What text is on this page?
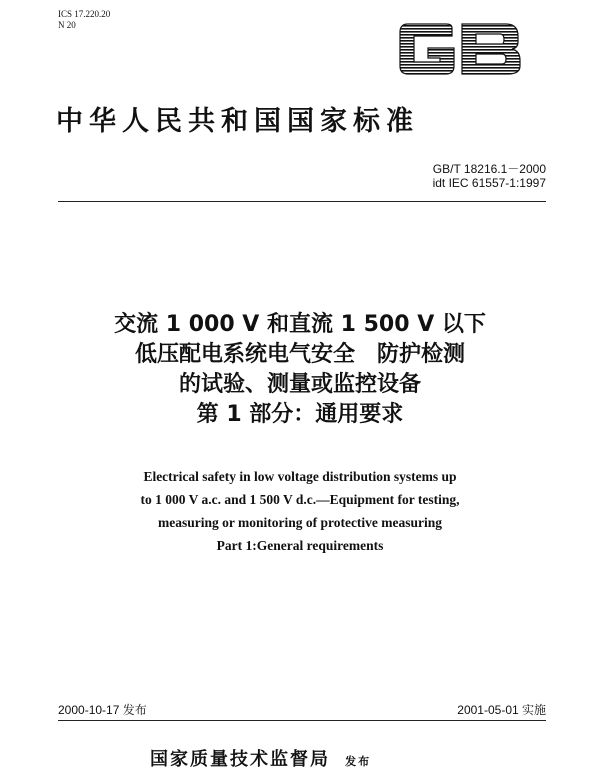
ICS 17.220.20
N 20	GB
中华人民共和国国家标准
GB/T 18216.1－2000
idt IEC 61557-1:1997
交流 1 000 V 和直流 1 500 V 以下
低压配电系统电气安全　防护检测
的试验、测量或监控设备
第 1 部分：通用要求
Electrical safety in low voltage distribution systems up
to 1 000 V a.c. and 1 500 V d.c.—Equipment for testing,
measuring or monitoring of protective measuring
Part 1:General requirements
2000-10-17 发布	2001-05-01 实施
国家质量技术监督局 发布
